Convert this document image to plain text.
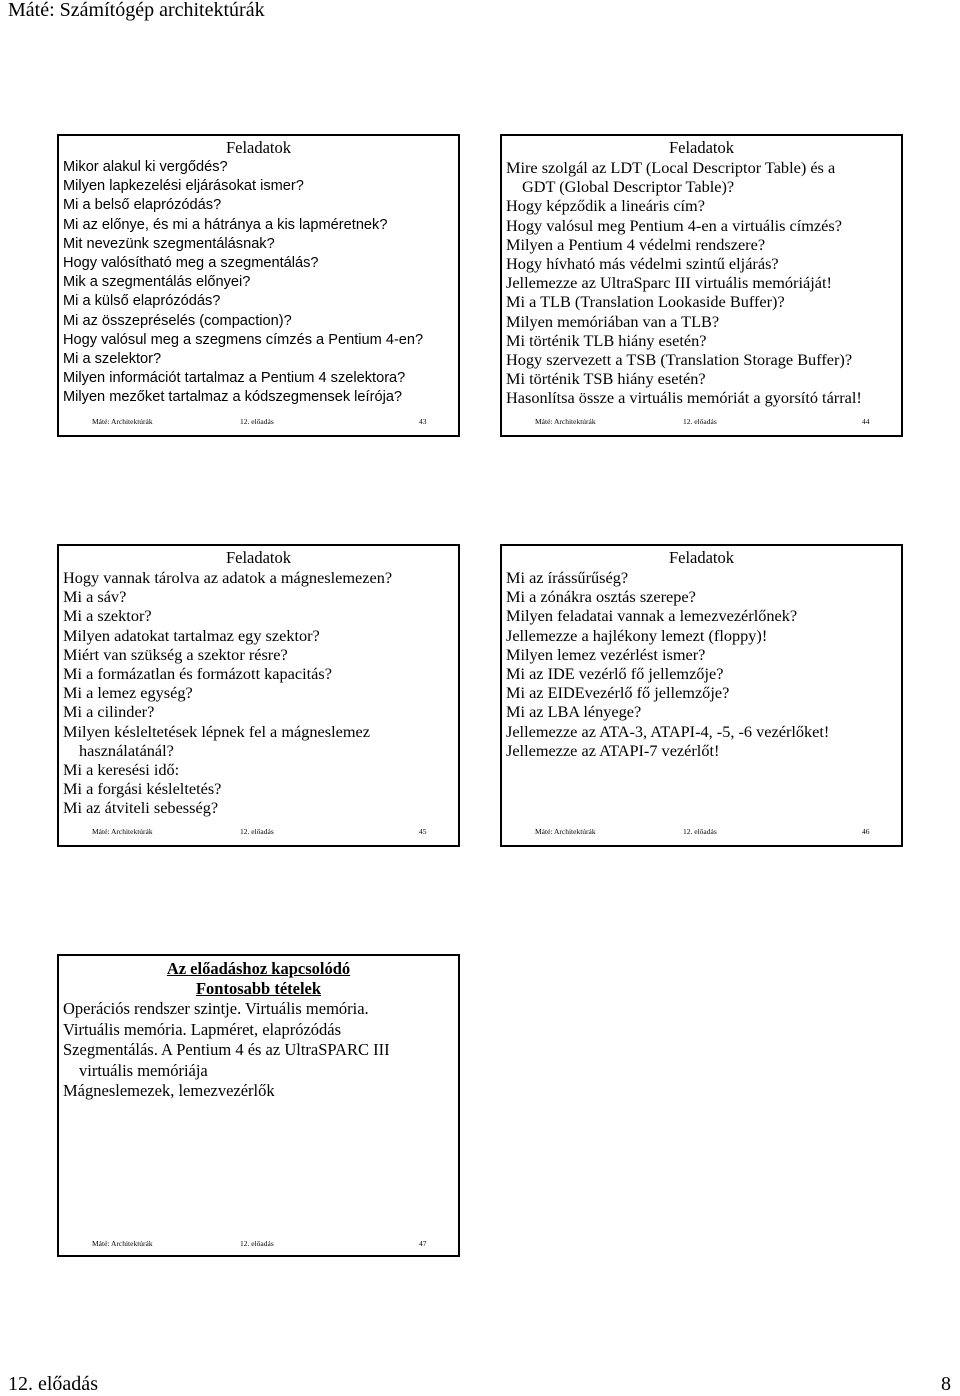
Máté: Számítógép architektúrák
Feladatok
Mikor alakul ki vergődés?
Milyen lapkezelési eljárásokat ismer?
Mi a belső elaprózódás?
Mi az előnye, és mi a hátránya a kis lapméretnek?
Mit nevezünk szegmentálásnak?
Hogy valósítható meg a szegmentálás?
Mik a szegmentálás előnyei?
Mi a külső elaprózódás?
Mi az összepréselés (compaction)?
Hogy valósul meg a szegmens címzés a Pentium 4-en?
Mi a szelektor?
Milyen információt tartalmaz a Pentium 4 szelektora?
Milyen mezőket tartalmaz a kódszegmensek leírója?
Máté: Architektúrák	12. előadás	43
Feladatok
Mire szolgál az LDT (Local Descriptor Table) és a
GDT (Global Descriptor Table)?
Hogy képződik a lineáris cím?
Hogy valósul meg Pentium 4-en a virtuális címzés?
Milyen a Pentium 4 védelmi rendszere?
Hogy hívható más védelmi szintű eljárás?
Jellemezze az UltraSparc III virtuális memóriáját!
Mi a TLB (Translation Lookaside Buffer)?
Milyen memóriában van a TLB?
Mi történik TLB hiány esetén?
Hogy szervezett a TSB (Translation Storage Buffer)?
Mi történik TSB hiány esetén?
Hasonlítsa össze a virtuális memóriát a gyorsító tárral!
Máté: Architektúrák	12. előadás	44
Feladatok
Hogy vannak tárolva az adatok a mágneslemezen?
Mi a sáv?
Mi a szektor?
Milyen adatokat tartalmaz egy szektor?
Miért van szükség a szektor résre?
Mi a formázatlan és formázott kapacitás?
Mi a lemez egység?
Mi a cilinder?
Milyen késleltetések lépnek fel a mágneslemez
használatánál?
Mi a keresési idő:
Mi a forgási késleltetés?
Mi az átviteli sebesség?
Máté: Architektúrák	12. előadás	45
Feladatok
Mi az írássűrűség?
Mi a zónákra osztás szerepe?
Milyen feladatai vannak a lemezvezérlőnek?
Jellemezze a hajlékony lemezt (floppy)!
Milyen lemez vezérlést ismer?
Mi az IDE vezérlő fő jellemzője?
Mi az EIDEvezérlő fő jellemzője?
Mi az LBA lényege?
Jellemezze az ATA-3, ATAPI-4, -5, -6 vezérlőket!
Jellemezze az ATAPI-7 vezérlőt!
Máté: Architektúrák	12. előadás	46
Az előadáshoz kapcsolódó
Fontosabb tételek
Operációs rendszer szintje. Virtuális memória.
Virtuális memória. Lapméret, elaprózódás
Szegmentálás. A Pentium 4 és az UltraSPARC III
virtuális memóriája
Mágneslemezek, lemezvezérlők
Máté: Architektúrák	12. előadás	47
12. előadás	8
